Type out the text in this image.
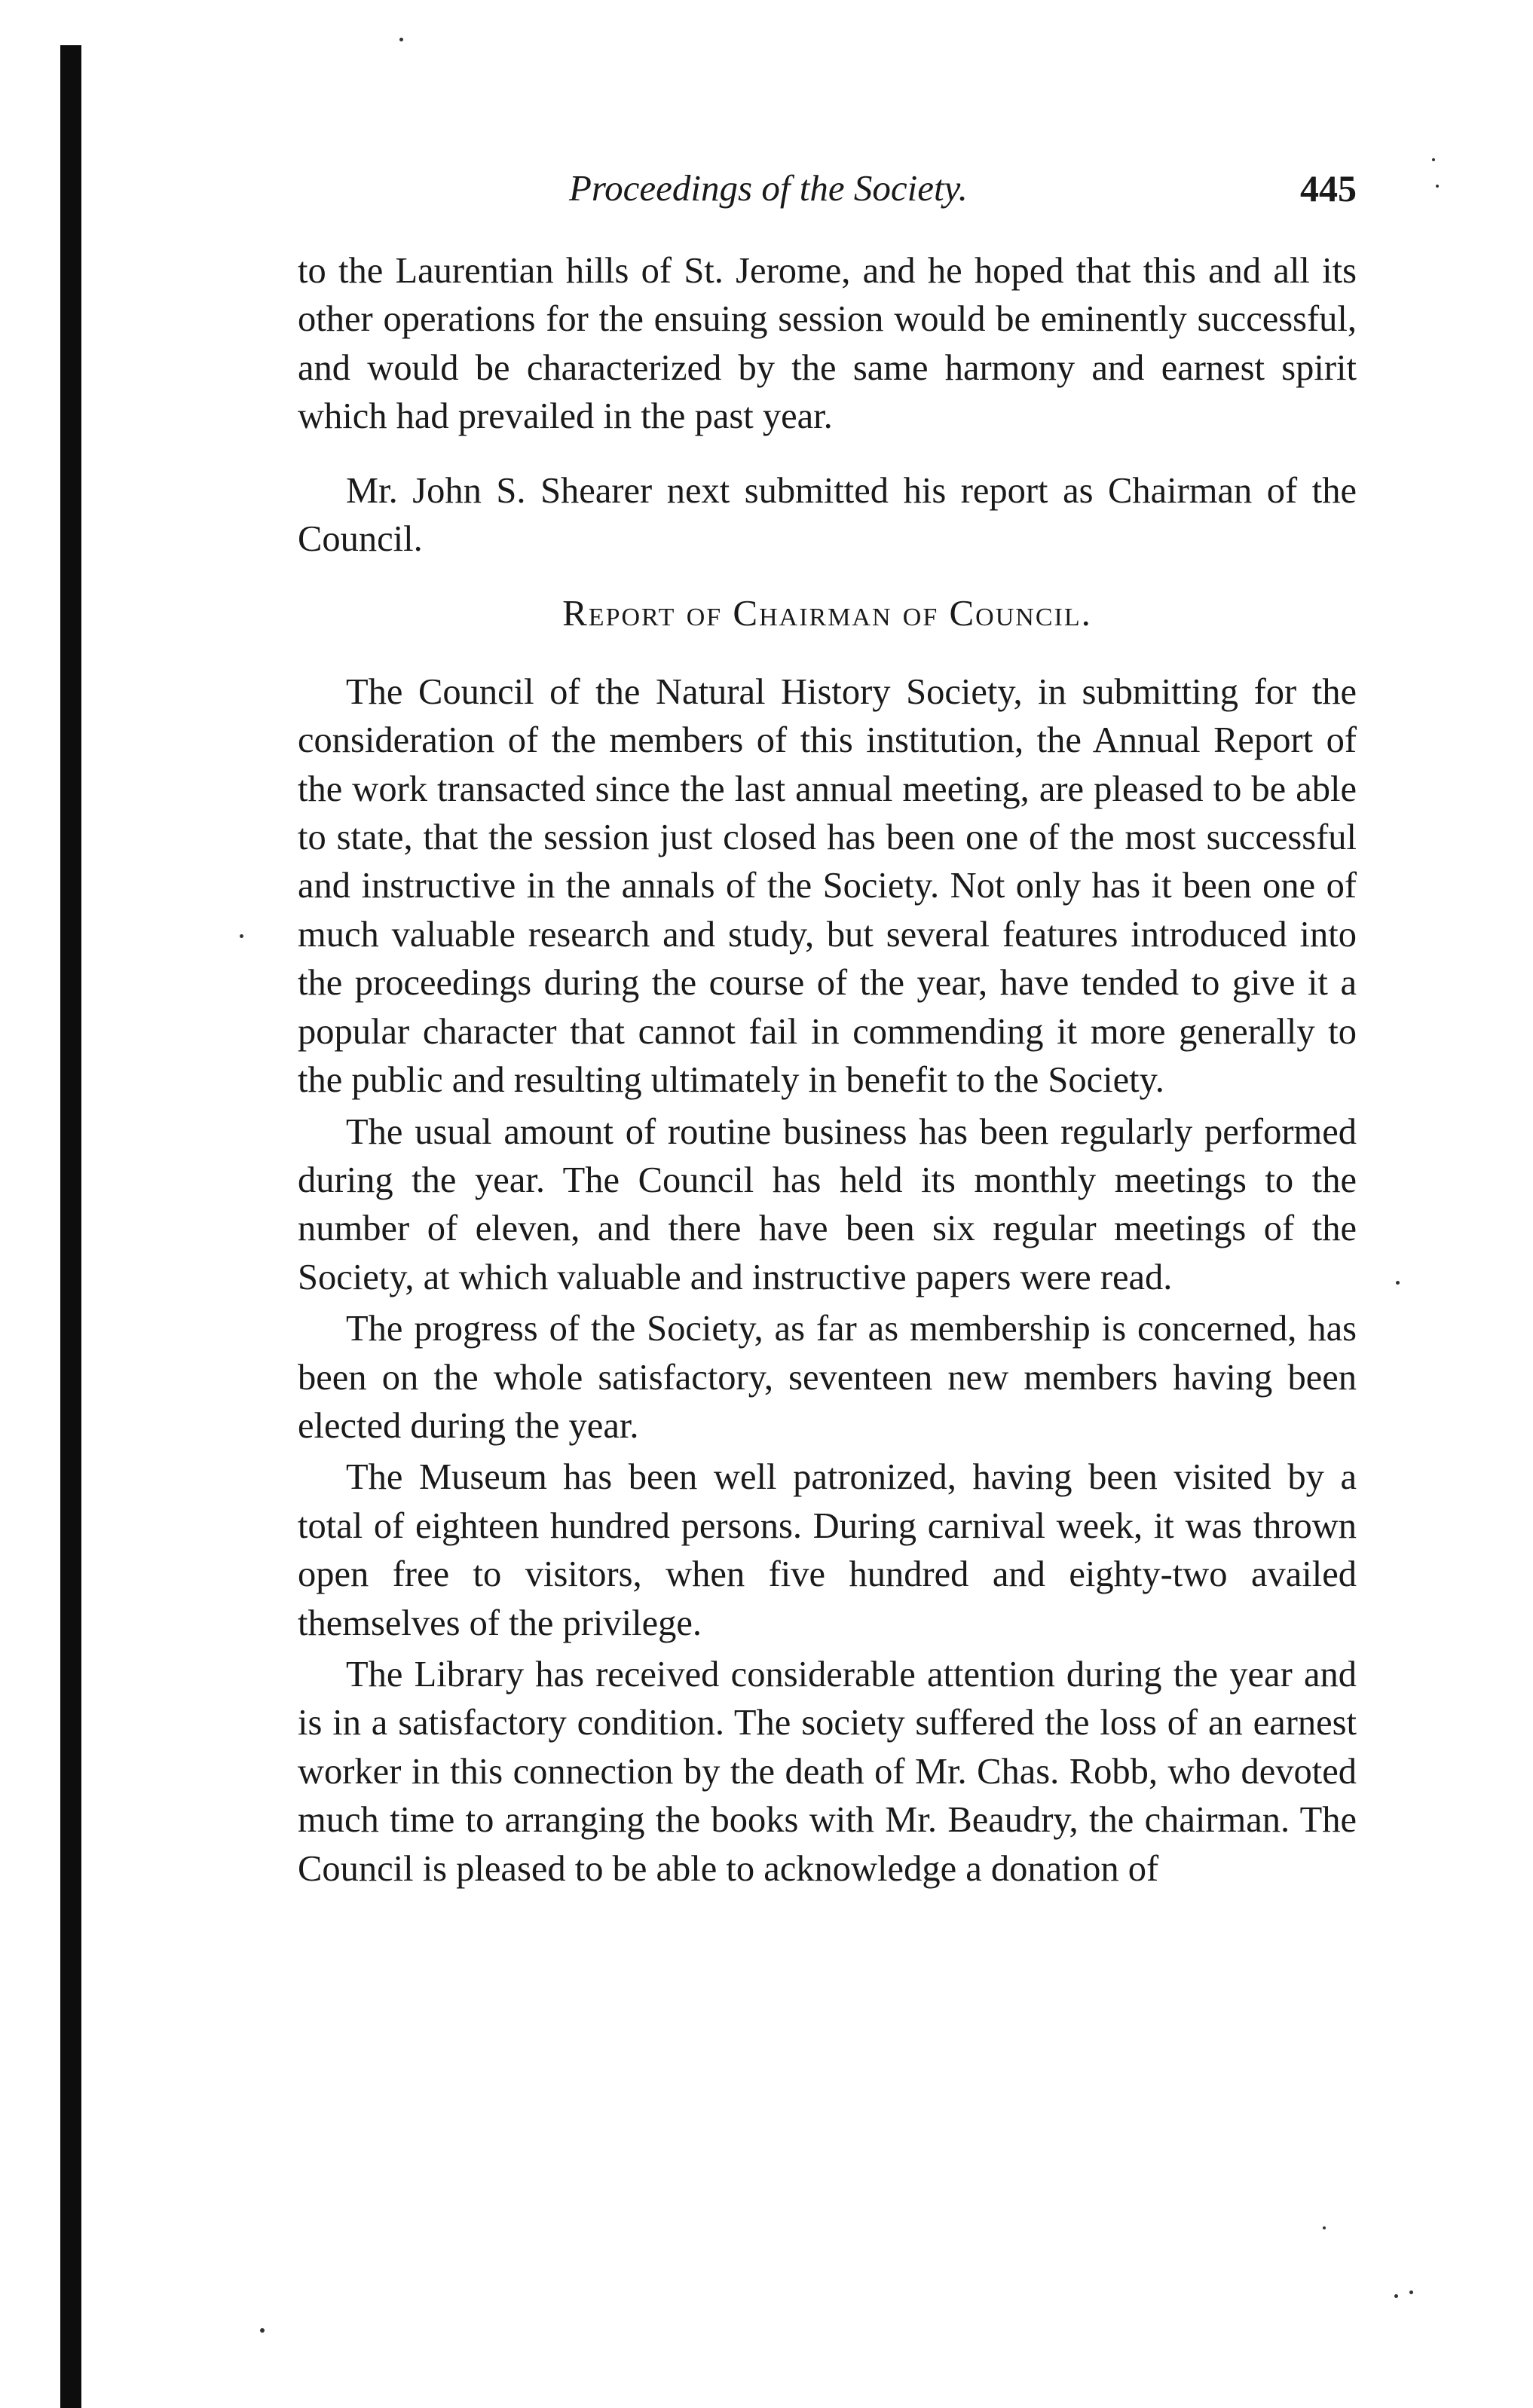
Proceedings of the Society.	445

to the Laurentian hills of St. Jerome, and he hoped that this and all its other operations for the ensuing session would be eminently successful, and would be characterized by the same harmony and earnest spirit which had prevailed in the past year.

Mr. John S. Shearer next submitted his report as Chairman of the Council.

Report of Chairman of Council.

The Council of the Natural History Society, in submitting for the consideration of the members of this institution, the Annual Report of the work transacted since the last annual meeting, are pleased to be able to state, that the session just closed has been one of the most successful and instructive in the annals of the Society. Not only has it been one of much valuable research and study, but several features introduced into the proceedings during the course of the year, have tended to give it a popular character that cannot fail in commending it more generally to the public and resulting ultimately in benefit to the Society.

The usual amount of routine business has been regularly performed during the year. The Council has held its monthly meetings to the number of eleven, and there have been six regular meetings of the Society, at which valuable and instructive papers were read.

The progress of the Society, as far as membership is concerned, has been on the whole satisfactory, seventeen new members having been elected during the year.

The Museum has been well patronized, having been visited by a total of eighteen hundred persons. During carnival week, it was thrown open free to visitors, when five hundred and eighty-two availed themselves of the privilege.

The Library has received considerable attention during the year and is in a satisfactory condition. The society suffered the loss of an earnest worker in this connection by the death of Mr. Chas. Robb, who devoted much time to arranging the books with Mr. Beaudry, the chairman. The Council is pleased to be able to acknowledge a donation of
